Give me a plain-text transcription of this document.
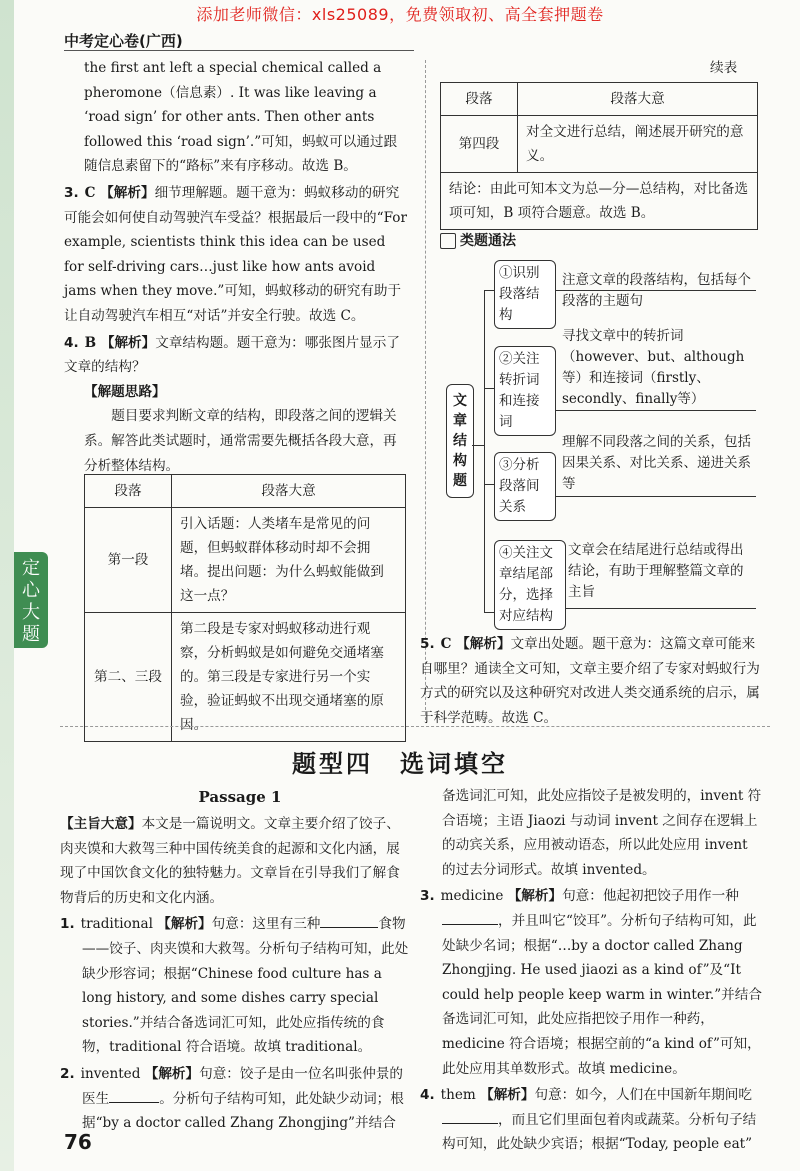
添加老师微信：xls25089，免费领取初、高全套押题卷
中考定心卷(广西)
定心大题

the first ant left a special chemical called a pheromone（信息素）. It was like leaving a ‘road sign’ for other ants. Then other ants followed this ‘road sign’.”可知，蚂蚁可以通过跟随信息素留下的“路标”来有序移动。故选 B。

3. C 【解析】细节理解题。题干意为：蚂蚁移动的研究可能会如何使自动驾驶汽车受益？根据最后一段中的“For example, scientists think this idea can be used for self-driving cars…just like how ants avoid jams when they move.”可知，蚂蚁移动的研究有助于让自动驾驶汽车相互“对话”并安全行驶。故选 C。

4. B 【解析】文章结构题。题干意为：哪张图片显示了文章的结构？

【解题思路】

题目要求判断文章的结构，即段落之间的逻辑关系。解答此类试题时，通常需要先概括各段大意，再分析整体结构。

段落	段落大意
第一段	引入话题：人类堵车是常见的问题，但蚂蚁群体移动时却不会拥堵。提出问题：为什么蚂蚁能做到这一点？
第二、三段	第二段是专家对蚂蚁移动进行观察，分析蚂蚁是如何避免交通堵塞的。第三段是专家进行另一个实验，验证蚂蚁不出现交通堵塞的原因。
续表
段落	段落大意
第四段	对全文进行总结，阐述展开研究的意义。
结论：由此可知本文为总—分—总结构，对比备选项可知，B 项符合题意。故选 B。	
类题通法
文章结构题
①识别段落结构
注意文章的段落结构，包括每个段落的主题句
②关注转折词和连接词
寻找文章中的转折词（however、but、although等）和连接词（firstly、secondly、finally等）
③分析段落间关系
理解不同段落之间的关系，包括因果关系、对比关系、递进关系等
④关注文章结尾部分，选择对应结构
文章会在结尾进行总结或得出结论，有助于理解整篇文章的主旨

5. C 【解析】文章出处题。题干意为：这篇文章可能来自哪里？通读全文可知，文章主要介绍了专家对蚂蚁行为方式的研究以及这种研究对改进人类交通系统的启示，属于科学范畴。故选 C。

题型四　选词填空
Passage 1

【主旨大意】本文是一篇说明文。文章主要介绍了饺子、肉夹馍和大救驾三种中国传统美食的起源和文化内涵，展现了中国饮食文化的独特魅力。文章旨在引导我们了解食物背后的历史和文化内涵。

1. traditional 【解析】句意：这里有三种	食物——饺子、肉夹馍和大救驾。分析句子结构可知，此处缺少形容词；根据“Chinese food culture has a long history, and some dishes carry special stories.”并结合备选词汇可知，此处应指传统的食物，traditional 符合语境。故填 traditional。

2. invented 【解析】句意：饺子是由一位名叫张仲景的医生	。分析句子结构可知，此处缺少动词；根据“by a doctor called Zhang Zhongjing”并结合

备选词汇可知，此处应指饺子是被发明的，invent 符合语境；主语 Jiaozi 与动词 invent 之间存在逻辑上的动宾关系，应用被动语态，所以此处应用 invent 的过去分词形式。故填 invented。

3. medicine 【解析】句意：他起初把饺子用作一种，并且叫它“饺耳”。分析句子结构可知，此处缺少名词；根据“…by a doctor called Zhang Zhongjing. He used jiaozi as a kind of”及“It could help people keep warm in winter.”并结合备选词汇可知，此处应指把饺子用作一种药，medicine 符合语境；根据空前的“a kind of”可知，此处应用其单数形式。故填 medicine。

4. them 【解析】句意：如今，人们在中国新年期间吃，而且它们里面包着肉或蔬菜。分析句子结构可知，此处缺少宾语；根据“Today, people eat”

76
